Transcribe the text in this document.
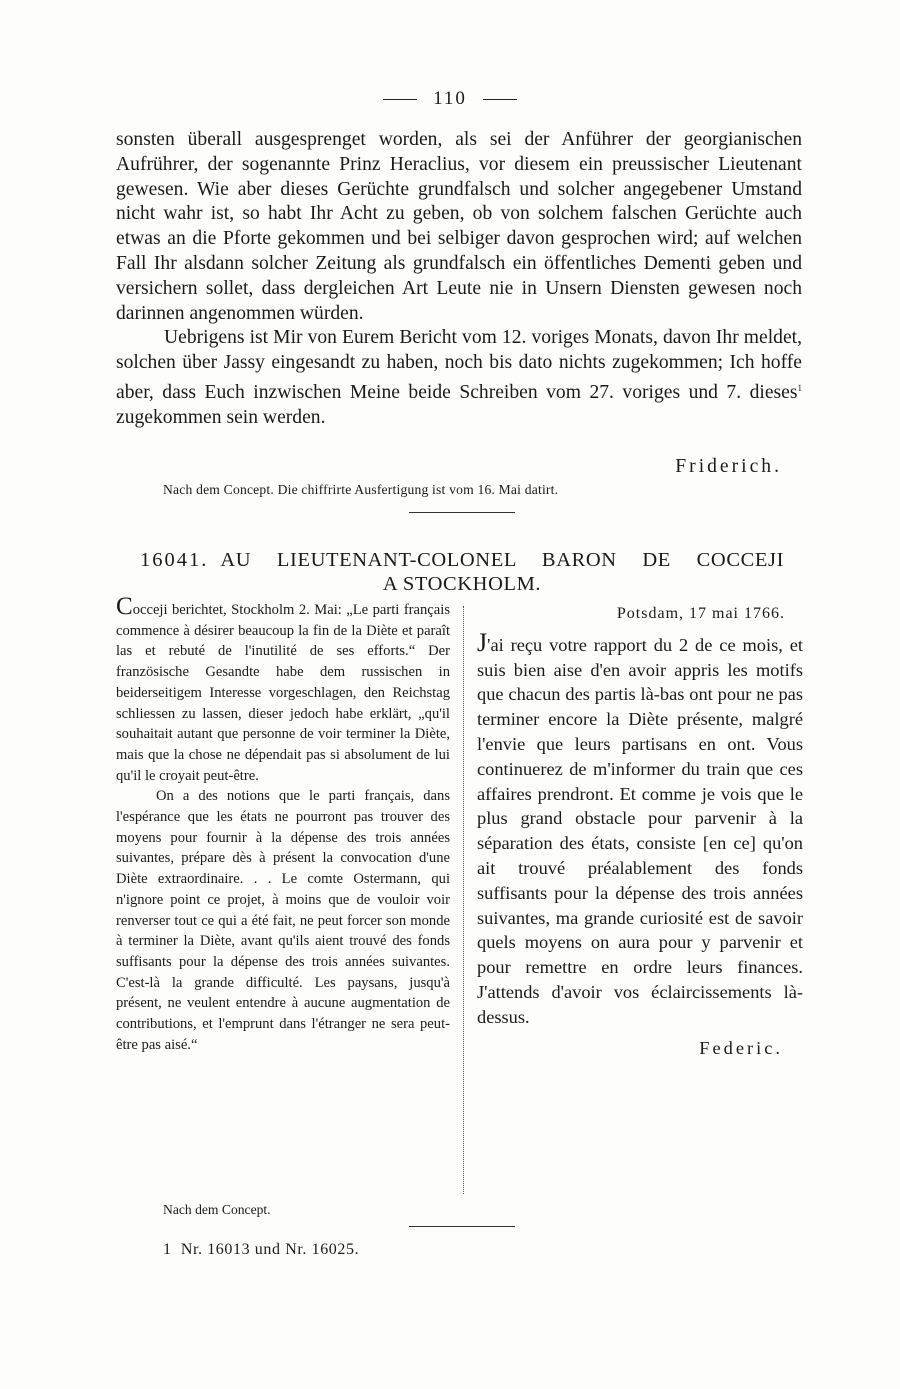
110

sonsten überall ausgesprenget worden, als sei der Anführer der georgianischen Aufrührer, der sogenannte Prinz Heraclius, vor diesem ein preussischer Lieutenant gewesen. Wie aber dieses Gerüchte grundfalsch und solcher angegebener Umstand nicht wahr ist, so habt Ihr Acht zu geben, ob von solchem falschen Gerüchte auch etwas an die Pforte gekommen und bei selbiger davon gesprochen wird; auf welchen Fall Ihr alsdann solcher Zeitung als grundfalsch ein öffentliches Dementi geben und versichern sollet, dass dergleichen Art Leute nie in Unsern Diensten gewesen noch darinnen angenommen würden.

Uebrigens ist Mir von Eurem Bericht vom 12. voriges Monats, davon Ihr meldet, solchen über Jassy eingesandt zu haben, noch bis dato nichts zugekommen; Ich hoffe aber, dass Euch inzwischen Meine beide Schreiben vom 27. voriges und 7. dieses$^1$ zugekommen sein werden.

Friderich.
Nach dem Concept. Die chiffrirte Ausfertigung ist vom 16. Mai datirt.
16041. AU LIEUTENANT-COLONEL BARON DE COCCEJI
A STOCKHOLM.

Cocceji berichtet, Stockholm 2. Mai: „Le parti français commence à désirer beaucoup la fin de la Diète et paraît las et rebuté de l'inutilité de ses efforts.“ Der französische Gesandte habe dem russischen in beiderseitigem Interesse vorgeschlagen, den Reichstag schliessen zu lassen, dieser jedoch habe erklärt, „qu'il souhaitait autant que personne de voir terminer la Diète, mais que la chose ne dépendait pas si absolument de lui qu'il le croyait peut-être.

On a des notions que le parti français, dans l'espérance que les états ne pourront pas trouver des moyens pour fournir à la dépense des trois années suivantes, prépare dès à présent la convocation d'une Diète extraordinaire. . . Le comte Ostermann, qui n'ignore point ce projet, à moins que de vouloir voir renverser tout ce qui a été fait, ne peut forcer son monde à terminer la Diète, avant qu'ils aient trouvé des fonds suffisants pour la dépense des trois années suivantes. C'est-là la grande difficulté. Les paysans, jusqu'à présent, ne veulent entendre à aucune augmentation de contributions, et l'emprunt dans l'étranger ne sera peut-être pas aisé.“

Potsdam, 17 mai 1766.

J'ai reçu votre rapport du 2 de ce mois, et suis bien aise d'en avoir appris les motifs que chacun des partis là-bas ont pour ne pas terminer encore la Diète présente, malgré l'envie que leurs partisans en ont. Vous continuerez de m'informer du train que ces affaires prendront. Et comme je vois que le plus grand obstacle pour parvenir à la séparation des états, consiste [en ce] qu'on ait trouvé préalablement des fonds suffisants pour la dépense des trois années suivantes, ma grande curiosité est de savoir quels moyens on aura pour y parvenir et pour remettre en ordre leurs finances. J'attends d'avoir vos éclaircissements là-dessus.

Federic.
Nach dem Concept.
1 Nr. 16013 und Nr. 16025.
